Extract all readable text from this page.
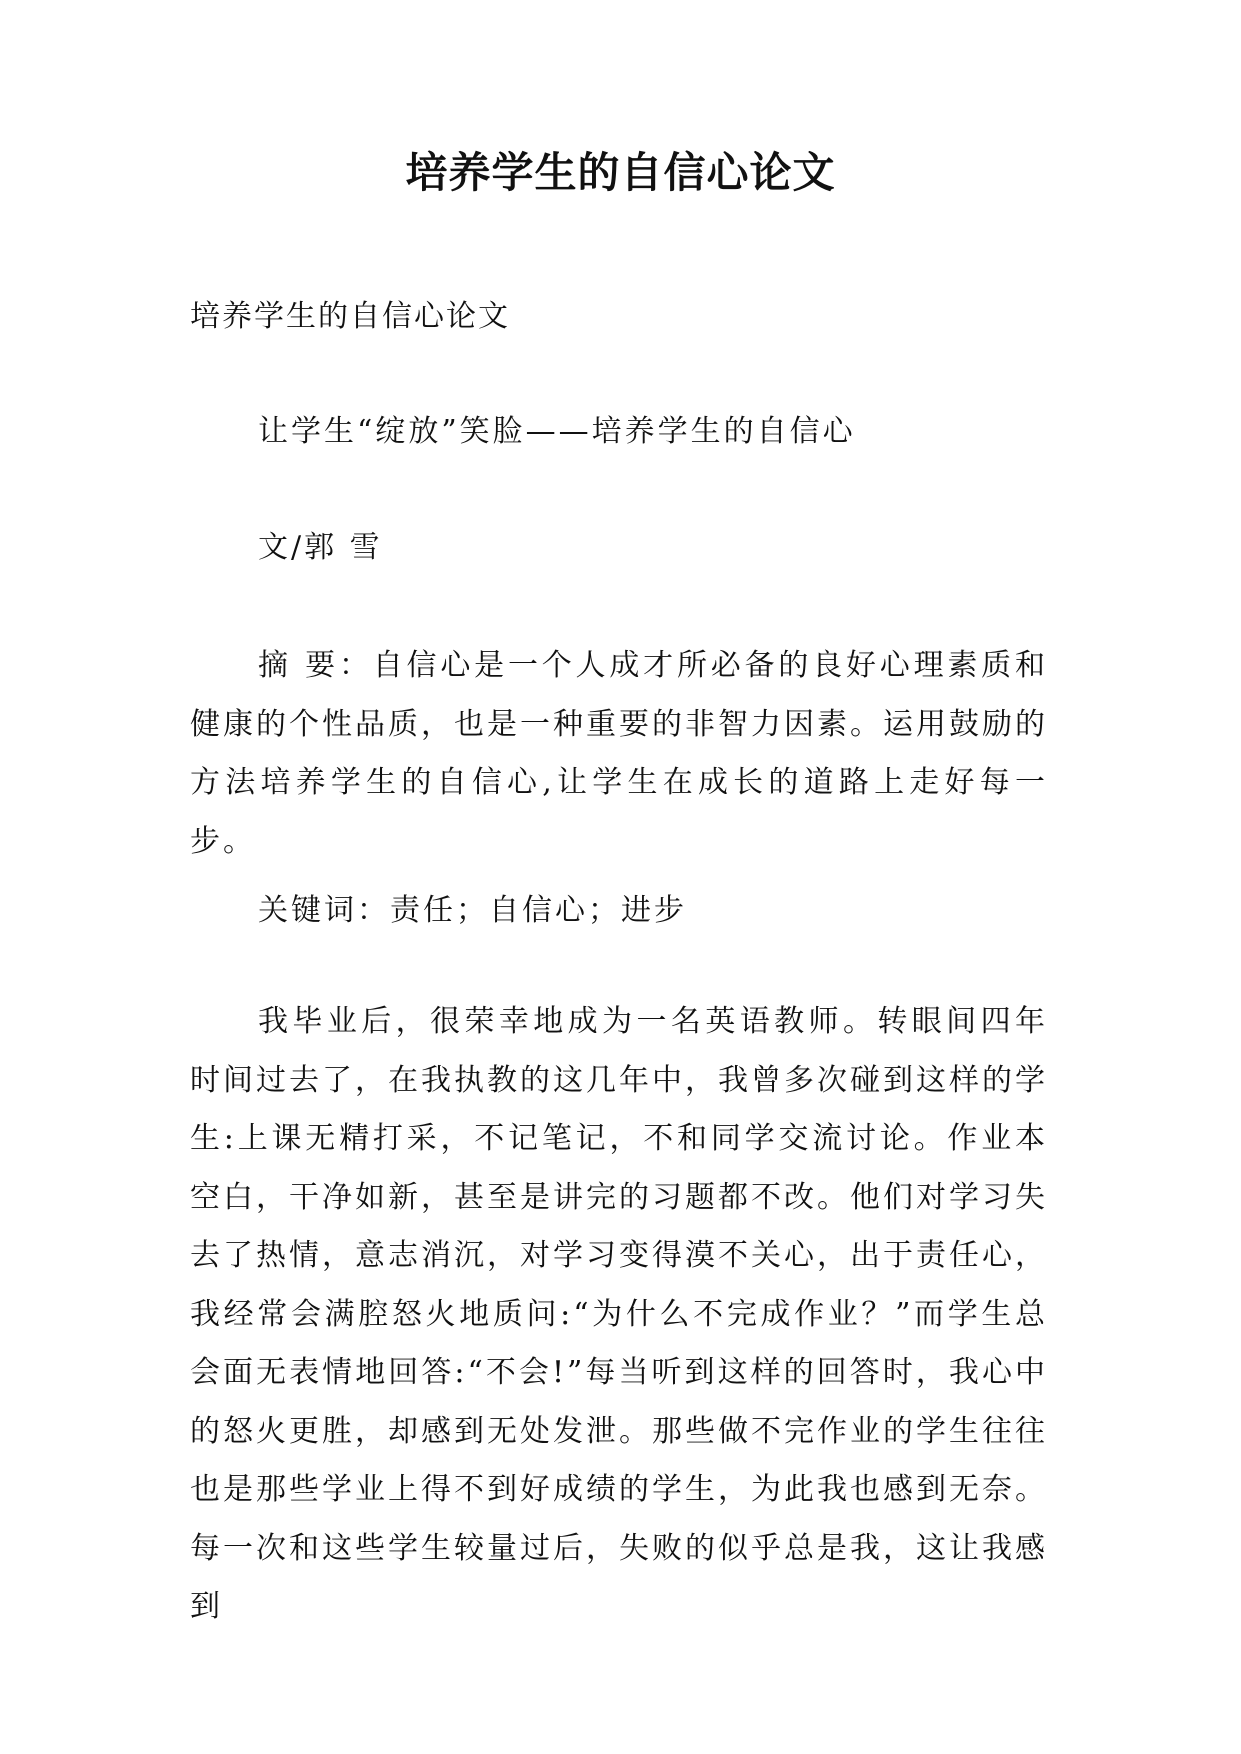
培养学生的自信心论文
培养学生的自信心论文
让学生“绽放”笑脸——培养学生的自信心
文/郭 雪
摘 要：自信心是一个人成才所必备的良好心理素质和健康的个性品质，也是一种重要的非智力因素。运用鼓励的方法培养学生的自信心,让学生在成长的道路上走好每一步。
关键词：责任；自信心；进步
我毕业后，很荣幸地成为一名英语教师。转眼间四年时间过去了，在我执教的这几年中，我曾多次碰到这样的学生:上课无精打采，不记笔记，不和同学交流讨论。作业本空白，干净如新，甚至是讲完的习题都不改。他们对学习失去了热情，意志消沉，对学习变得漠不关心，出于责任心，我经常会满腔怒火地质问:“为什么不完成作业？”而学生总会面无表情地回答:“不会!”每当听到这样的回答时，我心中的怒火更胜，却感到无处发泄。那些做不完作业的学生往往也是那些学业上得不到好成绩的学生，为此我也感到无奈。每一次和这些学生较量过后，失败的似乎总是我，这让我感到
